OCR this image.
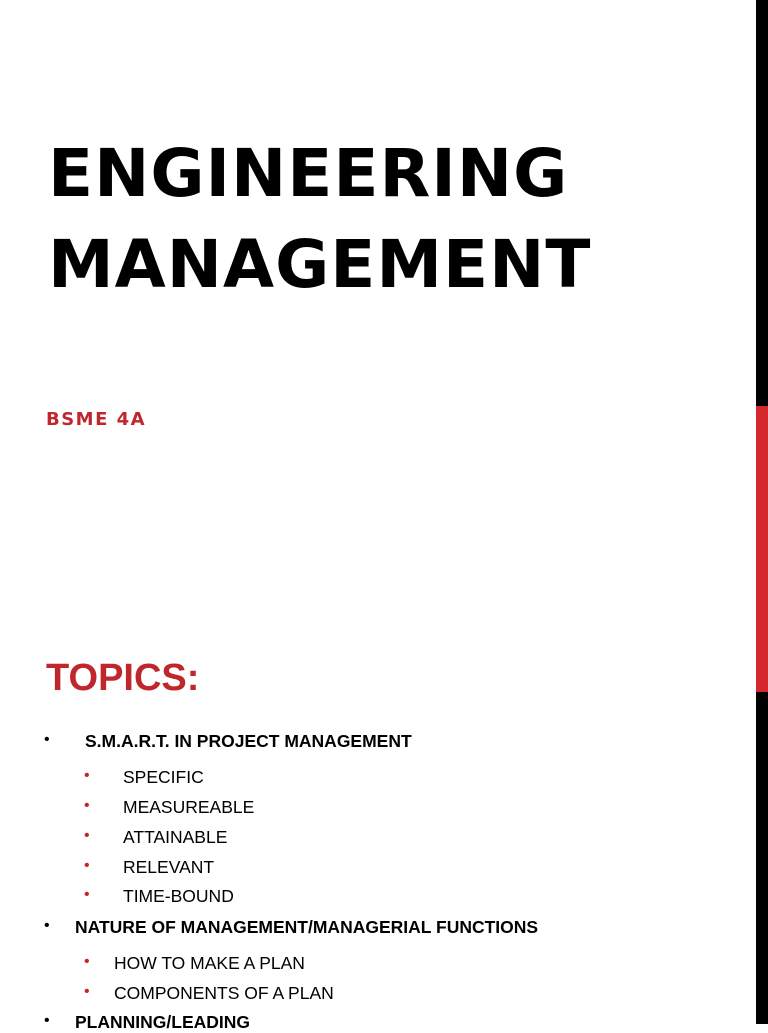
ENGINEERING
MANAGEMENT
BSME 4A
TOPICS:
• S.M.A.R.T. IN PROJECT MANAGEMENT
• SPECIFIC
• MEASUREABLE
• ATTAINABLE
• RELEVANT
• TIME-BOUND
• NATURE OF MANAGEMENT/MANAGERIAL FUNCTIONS
• HOW TO MAKE A PLAN
• COMPONENTS OF A PLAN
• PLANNING/LEADING
